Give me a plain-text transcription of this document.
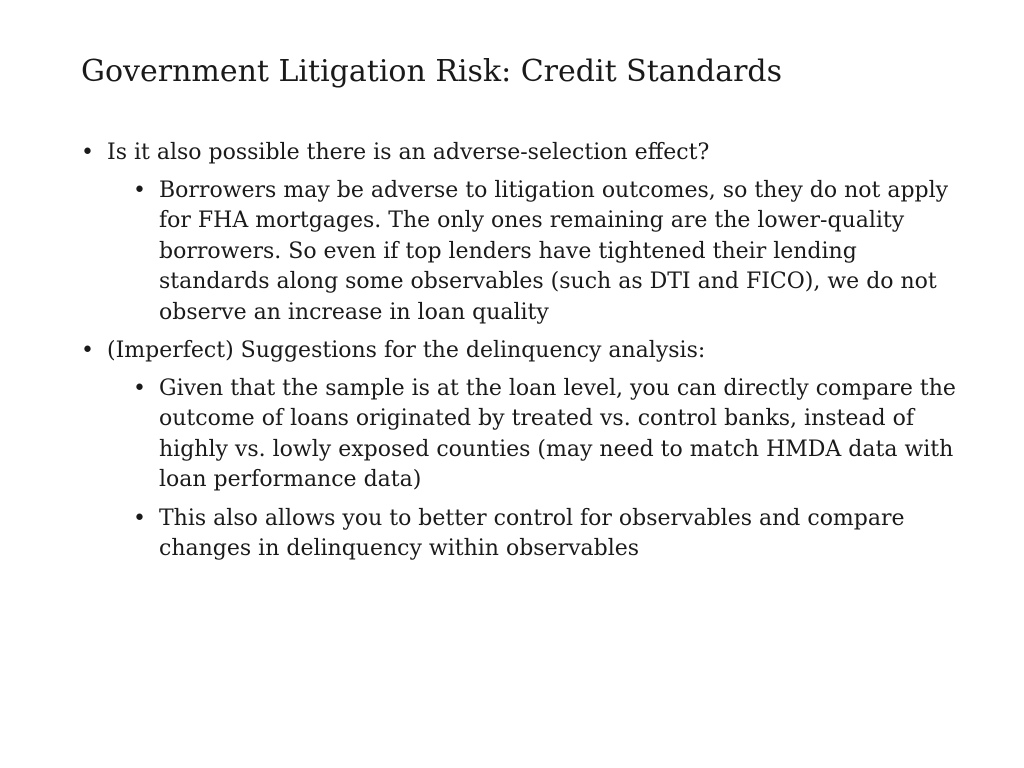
Government Litigation Risk: Credit Standards
• Is it also possible there is an adverse-selection effect?
• Borrowers may be adverse to litigation outcomes, so they do not apply for FHA mortgages. The only ones remaining are the lower-quality borrowers. So even if top lenders have tightened their lending standards along some observables (such as DTI and FICO), we do not observe an increase in loan quality
• (Imperfect) Suggestions for the delinquency analysis:
• Given that the sample is at the loan level, you can directly compare the outcome of loans originated by treated vs. control banks, instead of highly vs. lowly exposed counties (may need to match HMDA data with loan performance data)
• This also allows you to better control for observables and compare changes in delinquency within observables
